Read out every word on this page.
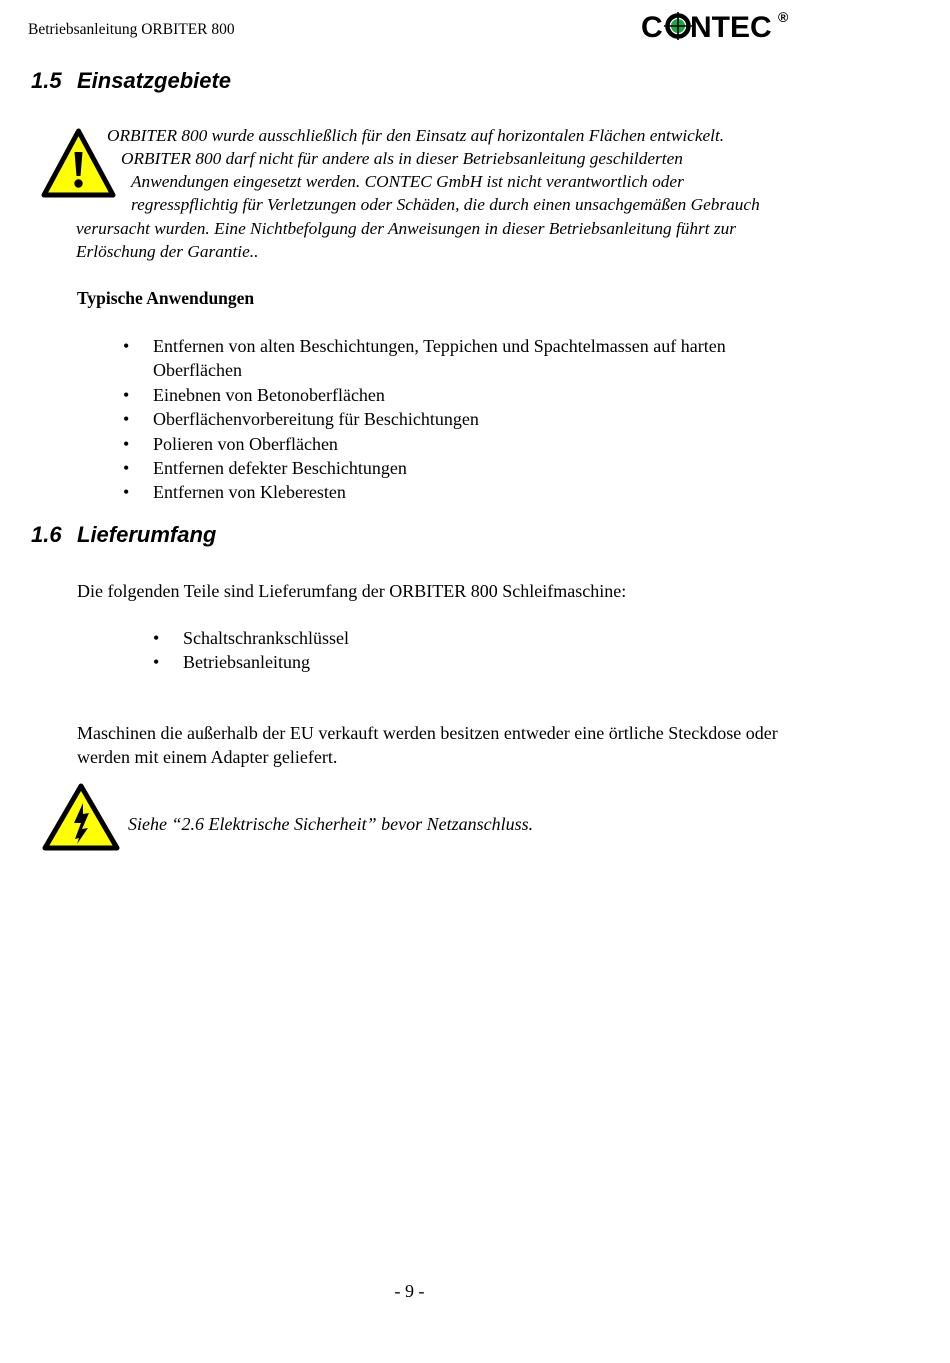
Betriebsanleitung ORBITER 800	C NTEC ®
1.5 Einsatzgebiete
ORBITER 800 wurde ausschließlich für den Einsatz auf horizontalen Flächen entwickelt.
ORBITER 800 darf nicht für andere als in dieser Betriebsanleitung geschilderten
Anwendungen eingesetzt werden. CONTEC GmbH ist nicht verantwortlich oder
regresspflichtig für Verletzungen oder Schäden, die durch einen unsachgemäßen Gebrauch
verursacht wurden. Eine Nichtbefolgung der Anweisungen in dieser Betriebsanleitung führt zur
Erlöschung der Garantie..
Typische Anwendungen
• Entfernen von alten Beschichtungen, Teppichen und Spachtelmassen auf harten
Oberflächen
• Einebnen von Betonoberflächen
• Oberflächenvorbereitung für Beschichtungen
• Polieren von Oberflächen
• Entfernen defekter Beschichtungen
• Entfernen von Kleberesten
1.6 Lieferumfang
Die folgenden Teile sind Lieferumfang der ORBITER 800 Schleifmaschine:
• Schaltschrankschlüssel
• Betriebsanleitung
Maschinen die außerhalb der EU verkauft werden besitzen entweder eine örtliche Steckdose oder
werden mit einem Adapter geliefert.
Siehe “2.6 Elektrische Sicherheit” bevor Netzanschluss.
- 9 -
